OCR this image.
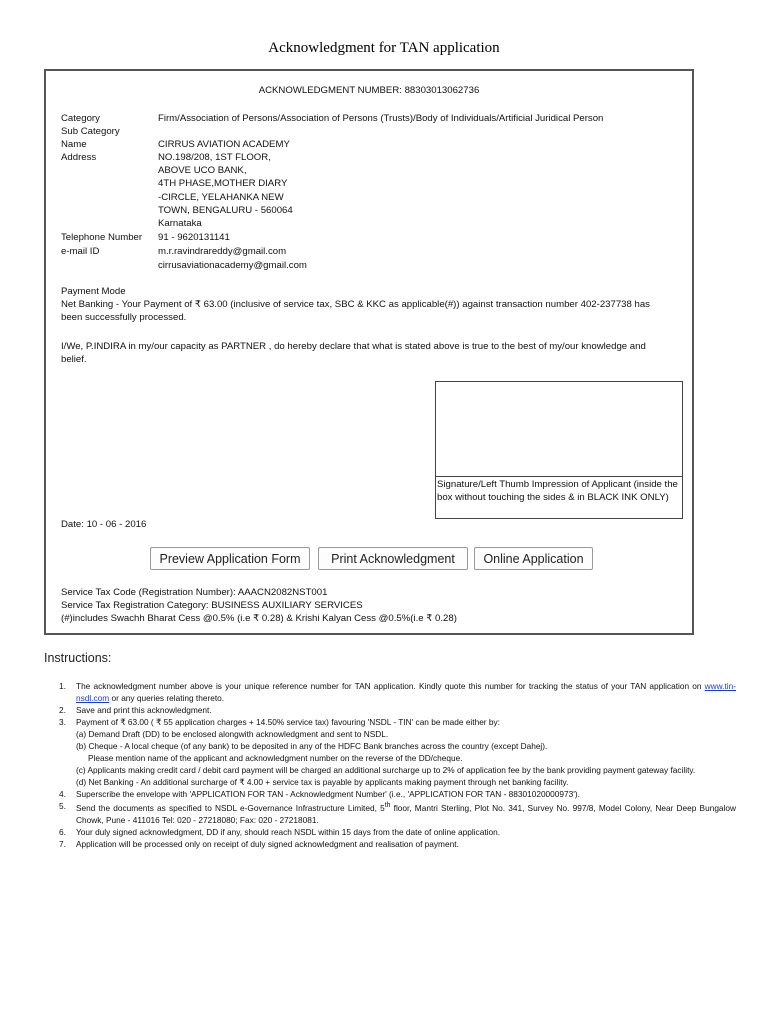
Acknowledgment for TAN application
ACKNOWLEDGMENT NUMBER: 88303013062736
Category	Firm/Association of Persons/Association of Persons (Trusts)/Body of Individuals/Artificial Juridical Person
Sub Category
Name	CIRRUS AVIATION ACADEMY
Address	NO.198/208, 1ST FLOOR,
ABOVE UCO BANK,
4TH PHASE,MOTHER DIARY
-CIRCLE, YELAHANKA NEW
TOWN, BENGALURU - 560064
Karnataka
Telephone Number 91 - 9620131141
e-mail ID	m.r.ravindrareddy@gmail.com
cirrusaviationacademy@gmail.com
Payment Mode
Net Banking - Your Payment of ₹ 63.00 (inclusive of service tax, SBC & KKC as applicable(#)) against transaction number 402-237738 has been successfully processed.
I/We, P.INDIRA in my/our capacity as PARTNER , do hereby declare that what is stated above is true to the best of my/our knowledge and belief.
Signature/Left Thumb Impression of Applicant (inside the box without touching the sides & in BLACK INK ONLY)
Date: 10 - 06 - 2016
Preview Application Form	Print Acknowledgment	Online Application
Service Tax Code (Registration Number): AAACN2082NST001
Service Tax Registration Category: BUSINESS AUXILIARY SERVICES
(#)includes Swachh Bharat Cess @0.5% (i.e ₹ 0.28) & Krishi Kalyan Cess @0.5%(i.e ₹ 0.28)
Instructions:
1. The acknowledgment number above is your unique reference number for TAN application. Kindly quote this number for tracking the status of your TAN application on www.tin-nsdl.com or any queries relating thereto.
2. Save and print this acknowledgment.
3. Payment of ₹ 63.00 ( ₹ 55 application charges + 14.50% service tax) favouring 'NSDL - TIN' can be made either by:
(a) Demand Draft (DD) to be enclosed alongwith acknowledgment and sent to NSDL.
(b) Cheque - A local cheque (of any bank) to be deposited in any of the HDFC Bank branches across the country (except Dahej).
Please mention name of the applicant and acknowledgment number on the reverse of the DD/cheque.
(c) Applicants making credit card / debit card payment will be charged an additional surcharge up to 2% of application fee by the bank providing payment gateway facility.
(d) Net Banking - An additional surcharge of ₹ 4.00 + service tax is payable by applicants making payment through net banking facility.
4. Superscribe the envelope with 'APPLICATION FOR TAN - Acknowledgment Number' (i.e., 'APPLICATION FOR TAN - 88301020000973').
5. Send the documents as specified to NSDL e-Governance Infrastructure Limited, 5th floor, Mantri Sterling, Plot No. 341, Survey No. 997/8, Model Colony, Near Deep Bungalow Chowk, Pune - 411016 Tel: 020 - 27218080; Fax: 020 - 27218081.
6. Your duly signed acknowledgment, DD if any, should reach NSDL within 15 days from the date of online application.
7. Application will be processed only on receipt of duly signed acknowledgment and realisation of payment.
